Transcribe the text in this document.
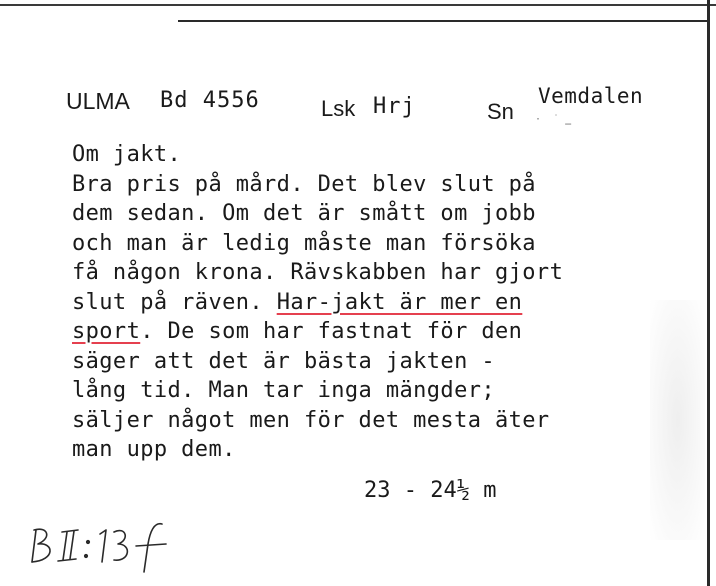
ULMA Bd 4556	Lsk Hrj	Sn
Vemdalen
·  ˙ ‗
Om jakt.
Bra pris på mård. Det blev slut på
dem sedan. Om det är smått om jobb
och man är ledig måste man försöka
få någon krona. Rävskabben har gjort
slut på räven. Har-jakt är mer en
sport. De som har fastnat för den
säger att det är bästa jakten -
lång tid. Man tar inga mängder;
säljer något men för det mesta äter
man upp dem.
23 - 24½ m
